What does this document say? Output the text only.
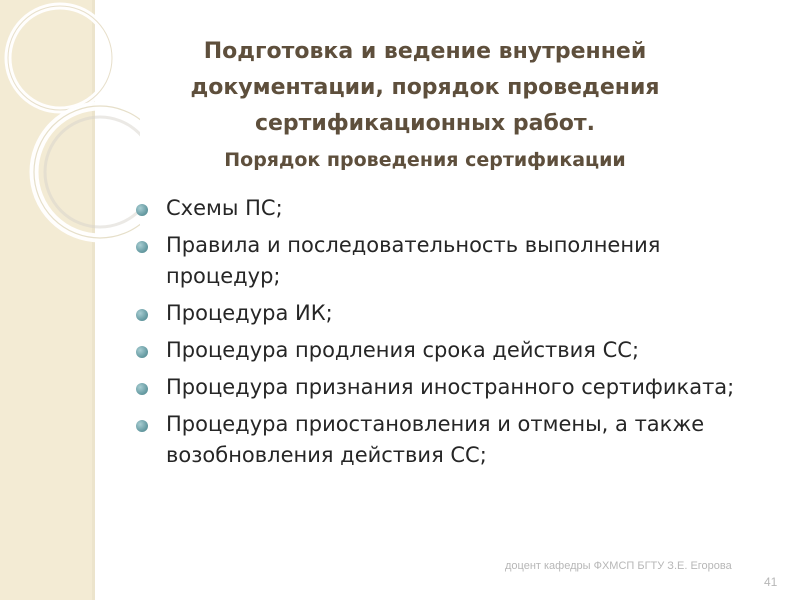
Подготовка и ведение внутренней документации, порядок проведения сертификационных работ.
Порядок проведения сертификации
Схемы ПС;
Правила и последовательность выполнения процедур;
Процедура ИК;
Процедура продления срока действия СС;
Процедура признания иностранного сертификата;
Процедура приостановления и отмены, а также возобновления действия СС;
доцент кафедры ФХМСП БГТУ З.Е. Егорова
41
